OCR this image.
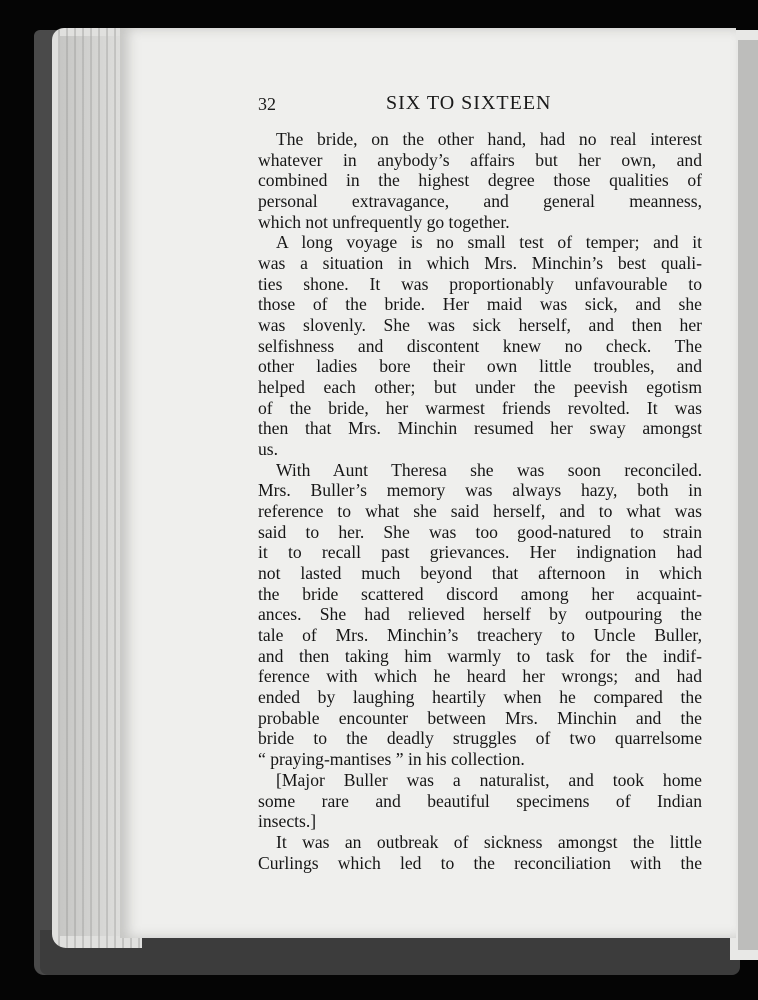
32	SIX TO SIXTEEN
The bride, on the other hand, had no real interest
whatever in anybody’s affairs but her own, and
combined in the highest degree those qualities of
personal extravagance, and general meanness,
which not unfrequently go together.
A long voyage is no small test of temper; and it
was a situation in which Mrs. Minchin’s best quali-
ties shone. It was proportionably unfavourable to
those of the bride. Her maid was sick, and she
was slovenly. She was sick herself, and then her
selfishness and discontent knew no check. The
other ladies bore their own little troubles, and
helped each other; but under the peevish egotism
of the bride, her warmest friends revolted. It was
then that Mrs. Minchin resumed her sway amongst
us.
With Aunt Theresa she was soon reconciled.
Mrs. Buller’s memory was always hazy, both in
reference to what she said herself, and to what was
said to her. She was too good-natured to strain
it to recall past grievances. Her indignation had
not lasted much beyond that afternoon in which
the bride scattered discord among her acquaint-
ances. She had relieved herself by outpouring the
tale of Mrs. Minchin’s treachery to Uncle Buller,
and then taking him warmly to task for the indif-
ference with which he heard her wrongs; and had
ended by laughing heartily when he compared the
probable encounter between Mrs. Minchin and the
bride to the deadly struggles of two quarrelsome
“ praying-mantises ” in his collection.
[Major Buller was a naturalist, and took home
some rare and beautiful specimens of Indian
insects.]
It was an outbreak of sickness amongst the little
Curlings which led to the reconciliation with the
